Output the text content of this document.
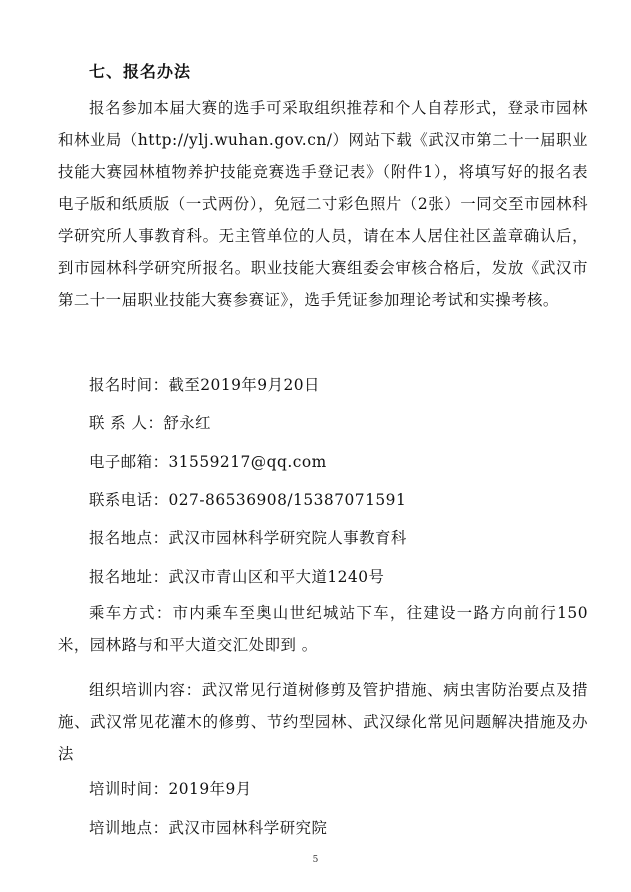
七、报名办法
报名参加本届大赛的选手可采取组织推荐和个人自荐形式，登录市园林和林业局（http://ylj.wuhan.gov.cn/）网站下载《武汉市第二十一届职业技能大赛园林植物养护技能竞赛选手登记表》（附件1），将填写好的报名表电子版和纸质版（一式两份），免冠二寸彩色照片（2张）一同交至市园林科学研究所人事教育科。无主管单位的人员，请在本人居住社区盖章确认后，到市园林科学研究所报名。职业技能大赛组委会审核合格后，发放《武汉市第二十一届职业技能大赛参赛证》，选手凭证参加理论考试和实操考核。
报名时间：截至2019年9月20日
联 系 人：舒永红
电子邮箱：31559217@qq.com
联系电话：027-86536908/15387071591
报名地点：武汉市园林科学研究院人事教育科
报名地址：武汉市青山区和平大道1240号
乘车方式：市内乘车至奥山世纪城站下车，往建设一路方向前行150米，园林路与和平大道交汇处即到 。
组织培训内容：武汉常见行道树修剪及管护措施、病虫害防治要点及措施、武汉常见花灌木的修剪、节约型园林、武汉绿化常见问题解决措施及办法
培训时间：2019年9月
培训地点：武汉市园林科学研究院
5
